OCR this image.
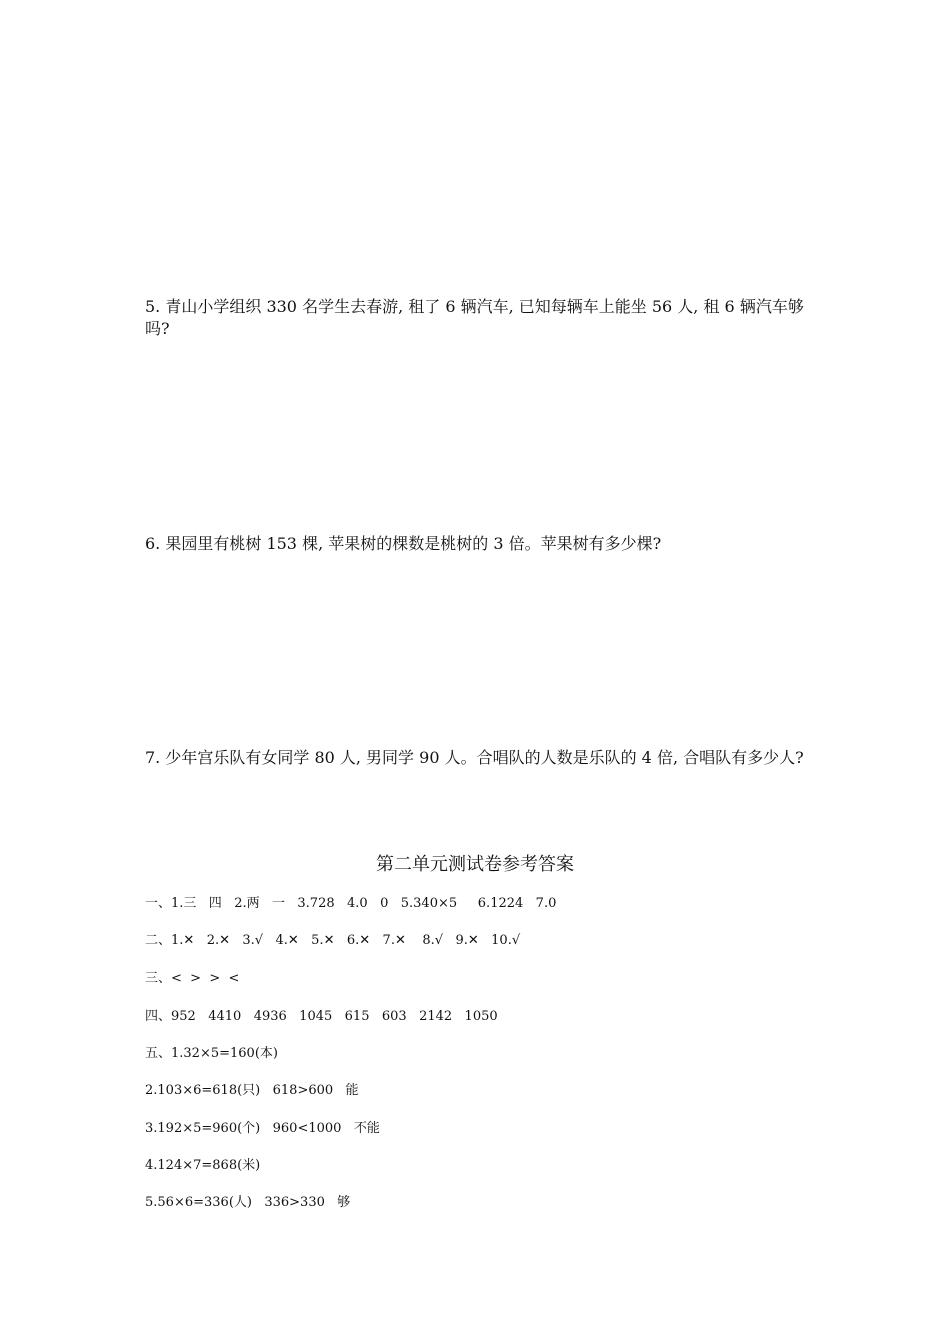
5. 青山小学组织 330 名学生去春游, 租了 6 辆汽车, 已知每辆车上能坐 56 人, 租 6 辆汽车够吗?

6. 果园里有桃树 153 棵, 苹果树的棵数是桃树的 3 倍。苹果树有多少棵?

7. 少年宫乐队有女同学 80 人, 男同学 90 人。合唱队的人数是乐队的 4 倍, 合唱队有多少人?

第二单元测试卷参考答案

一、1.三   四   2.两   一   3.728   4.0   0   5.340×5     6.1224   7.0

二、1.✕   2.✕   3.√   4.✕   5.✕   6.✕   7.✕    8.√   9.✕   10.√

三、<  >  >  <

四、952   4410   4936   1045   615   603   2142   1050

五、1.32×5=160(本)

2.103×6=618(只)   618>600   能

3.192×5=960(个)   960<1000   不能

4.124×7=868(米)

5.56×6=336(人)   336>330   够
